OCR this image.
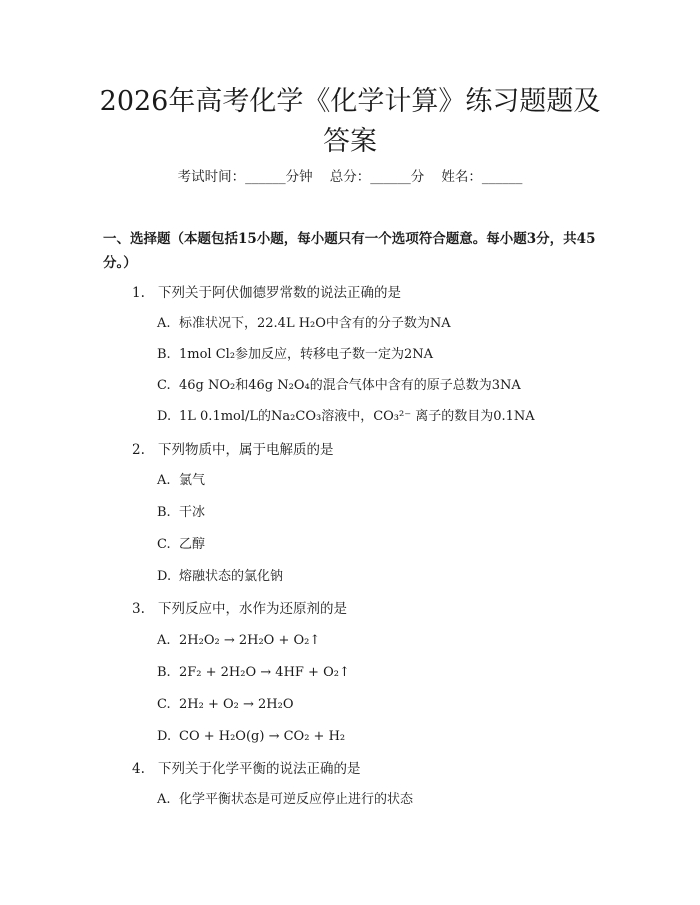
2026年高考化学《化学计算》练习题题及答案
考试时间：______分钟    总分：______分    姓名：______
一、选择题（本题包括15小题，每小题只有一个选项符合题意。每小题3分，共45分。）
1. 下列关于阿伏伽德罗常数的说法正确的是
A. 标准状况下，22.4L H₂O中含有的分子数为NA
B. 1mol Cl₂参加反应，转移电子数一定为2NA
C. 46g NO₂和46g N₂O₄的混合气体中含有的原子总数为3NA
D. 1L 0.1mol/L的Na₂CO₃溶液中，CO₃²⁻ 离子的数目为0.1NA
2. 下列物质中，属于电解质的是
A. 氯气
B. 干冰
C. 乙醇
D. 熔融状态的氯化钠
3. 下列反应中，水作为还原剂的是
A. 2H₂O₂ → 2H₂O + O₂↑
B. 2F₂ + 2H₂O → 4HF + O₂↑
C. 2H₂ + O₂ → 2H₂O
D. CO + H₂O(g) → CO₂ + H₂
4. 下列关于化学平衡的说法正确的是
A. 化学平衡状态是可逆反应停止进行的状态
